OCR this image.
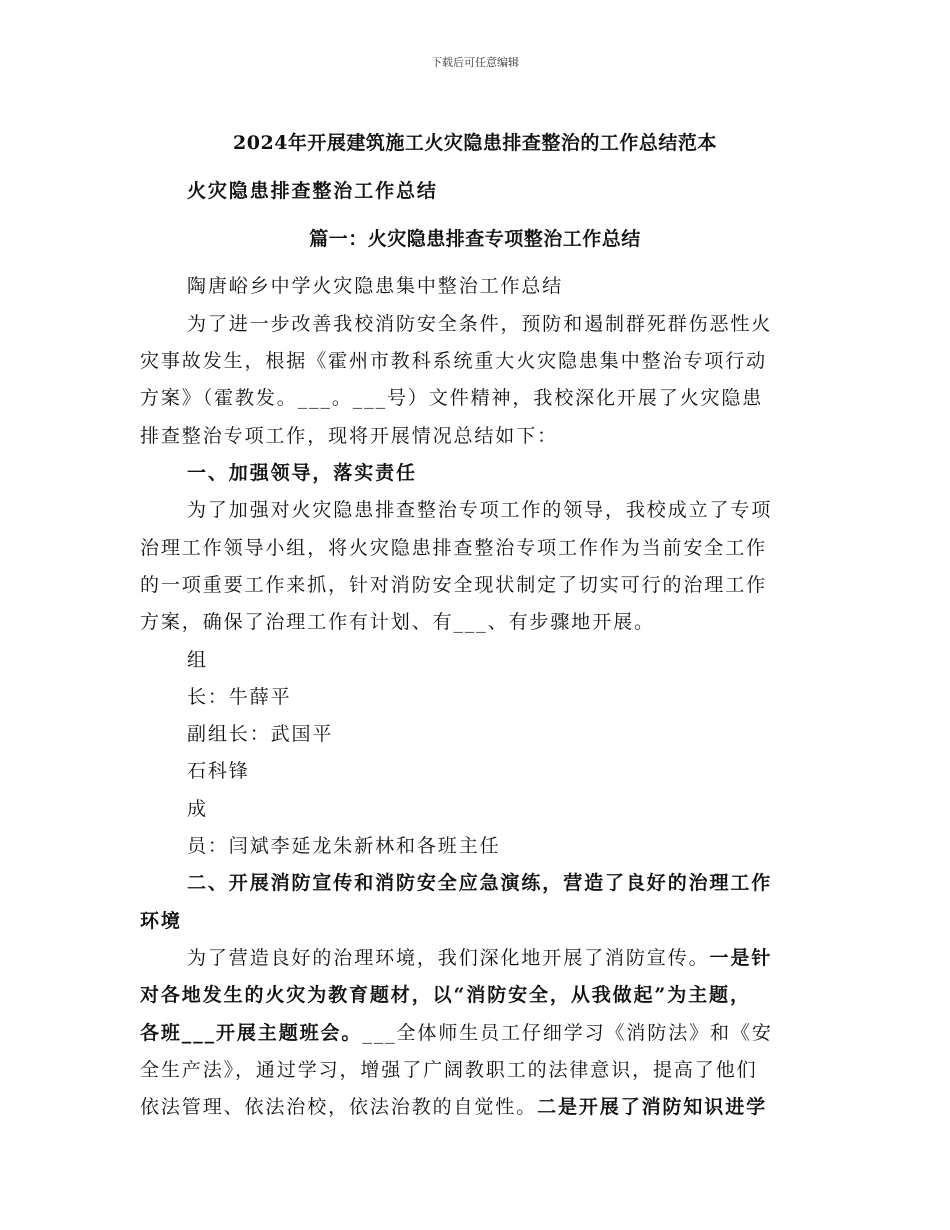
下载后可任意编辑
2024年开展建筑施工火灾隐患排查整治的工作总结范本
火灾隐患排查整治工作总结
篇一：火灾隐患排查专项整治工作总结
陶唐峪乡中学火灾隐患集中整治工作总结
为了进一步改善我校消防安全条件，预防和遏制群死群伤恶性火
灾事故发生，根据《霍州市教科系统重大火灾隐患集中整治专项行动
方案》（霍教发。___。___号）文件精神，我校深化开展了火灾隐患
排查整治专项工作，现将开展情况总结如下：
一、加强领导，落实责任
为了加强对火灾隐患排查整治专项工作的领导，我校成立了专项
治理工作领导小组，将火灾隐患排查整治专项工作作为当前安全工作
的一项重要工作来抓，针对消防安全现状制定了切实可行的治理工作
方案，确保了治理工作有计划、有___、有步骤地开展。
组
长：牛薛平
副组长：武国平
石科锋
成
员：闫斌李延龙朱新林和各班主任
二、开展消防宣传和消防安全应急演练，营造了良好的治理工作
环境
为了营造良好的治理环境，我们深化地开展了消防宣传。一是针
对各地发生的火灾为教育题材，以“消防安全，从我做起”为主题，
各班___开展主题班会。___全体师生员工仔细学习《消防法》和《安
全生产法》，通过学习，增强了广阔教职工的法律意识，提高了他们
依法管理、依法治校，依法治教的自觉性。二是开展了消防知识进学
